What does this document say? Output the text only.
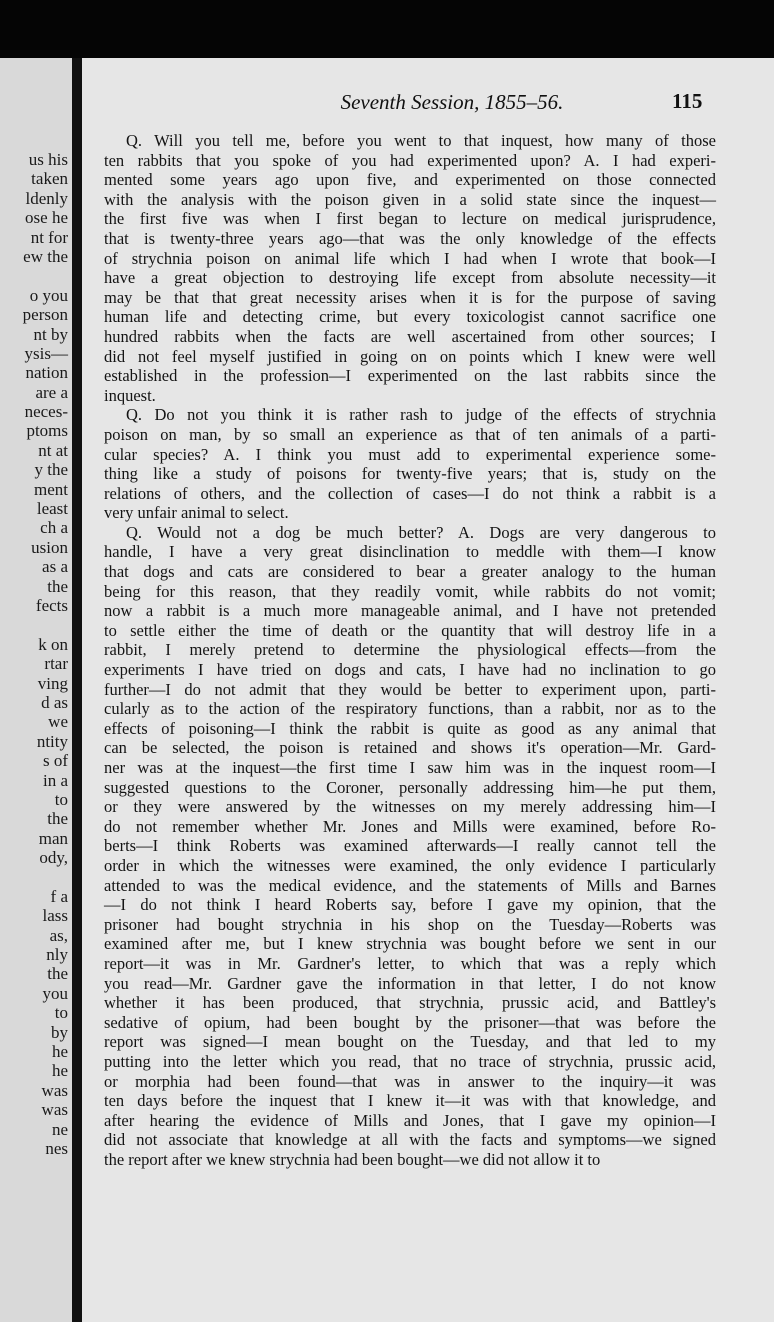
us his
taken
ldenly
ose he
nt for
ew the
o you
person
nt by
ysis—
nation
are a
neces-
ptoms
nt at
y the
ment
least
ch a
usion
as a
the
fects
k on
rtar
ving
d as
we
ntity
s of
in a
to
the
man
ody,
f a
lass
as,
nly
the
you
to
by
he
he
was
was
ne
nes
Seventh Session, 1855–56.	115
Q. Will you tell me, before you went to that inquest, how many of those
ten rabbits that you spoke of you had experimented upon? A. I had experi-
mented some years ago upon five, and experimented on those connected
with the analysis with the poison given in a solid state since the inquest—
the first five was when I first began to lecture on medical jurisprudence,
that is twenty-three years ago—that was the only knowledge of the effects
of strychnia poison on animal life which I had when I wrote that book—I
have a great objection to destroying life except from absolute necessity—it
may be that that great necessity arises when it is for the purpose of saving
human life and detecting crime, but every toxicologist cannot sacrifice one
hundred rabbits when the facts are well ascertained from other sources; I
did not feel myself justified in going on on points which I knew were well
established in the profession—I experimented on the last rabbits since the
inquest.
Q. Do not you think it is rather rash to judge of the effects of strychnia
poison on man, by so small an experience as that of ten animals of a parti-
cular species? A. I think you must add to experimental experience some-
thing like a study of poisons for twenty-five years; that is, study on the
relations of others, and the collection of cases—I do not think a rabbit is a
very unfair animal to select.
Q. Would not a dog be much better? A. Dogs are very dangerous to
handle, I have a very great disinclination to meddle with them—I know
that dogs and cats are considered to bear a greater analogy to the human
being for this reason, that they readily vomit, while rabbits do not vomit;
now a rabbit is a much more manageable animal, and I have not pretended
to settle either the time of death or the quantity that will destroy life in a
rabbit, I merely pretend to determine the physiological effects—from the
experiments I have tried on dogs and cats, I have had no inclination to go
further—I do not admit that they would be better to experiment upon, parti-
cularly as to the action of the respiratory functions, than a rabbit, nor as to the
effects of poisoning—I think the rabbit is quite as good as any animal that
can be selected, the poison is retained and shows it's operation—Mr. Gard-
ner was at the inquest—the first time I saw him was in the inquest room—I
suggested questions to the Coroner, personally addressing him—he put them,
or they were answered by the witnesses on my merely addressing him—I
do not remember whether Mr. Jones and Mills were examined, before Ro-
berts—I think Roberts was examined afterwards—I really cannot tell the
order in which the witnesses were examined, the only evidence I particularly
attended to was the medical evidence, and the statements of Mills and Barnes
—I do not think I heard Roberts say, before I gave my opinion, that the
prisoner had bought strychnia in his shop on the Tuesday—Roberts was
examined after me, but I knew strychnia was bought before we sent in our
report—it was in Mr. Gardner's letter, to which that was a reply which
you read—Mr. Gardner gave the information in that letter, I do not know
whether it has been produced, that strychnia, prussic acid, and Battley's
sedative of opium, had been bought by the prisoner—that was before the
report was signed—I mean bought on the Tuesday, and that led to my
putting into the letter which you read, that no trace of strychnia, prussic acid,
or morphia had been found—that was in answer to the inquiry—it was
ten days before the inquest that I knew it—it was with that knowledge, and
after hearing the evidence of Mills and Jones, that I gave my opinion—I
did not associate that knowledge at all with the facts and symptoms—we signed
the report after we knew strychnia had been bought—we did not allow it to
